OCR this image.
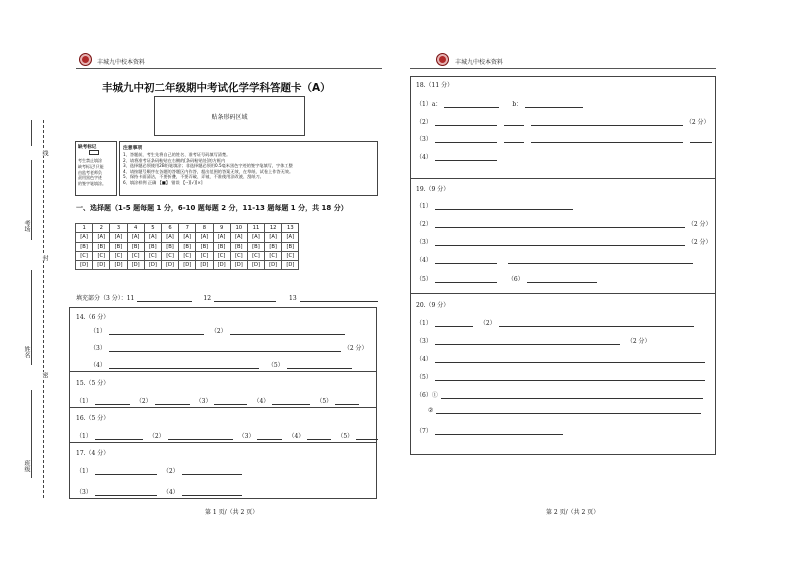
丰城九中校本资料	丰城九中校本资料
考场
线
封
姓名
密
班级
丰城九中初二年级期中考试化学学科答题卡（A）
贴条形码区域
缺考标记
考生禁止填涂
缺考标记!只能
由监考老师负
责用黑色字迹
的签字笔填涂。
注意事项
1、答题前，考生先将自己的姓名、准考证号码填写清楚。
2、请将准考证条码粘贴在右侧的[条码粘贴处]的方框内
3、选择题必须使用2B铅笔填涂；非选择题必须用0.5毫米黑色字迹的签字笔填写，字体工整
4、请按题号顺序在各题的答题区内作答，超出范围的答案无效，在草纸、试卷上作答无效。
5、保持卡面清洁，不要折叠，不要弄破、弄皱，不准使用涂改液、刮纸刀。
6、填涂样例 正确 【■】 错误 【--][√][×]
一、选择题（1-5 题每题 1 分，6-10 题每题 2 分，11-13 题每题 1 分，共 18 分）
1	2	3	4	5	6	7	8	9	10	11	12	13
[A]	[A]	[A]	[A]	[A]	[A]	[A]	[A]	[A]	[A]	[A]	[A]	[A]
[B]	[B]	[B]	[B]	[B]	[B]	[B]	[B]	[B]	[B]	[B]	[B]	[B]
[C]	[C]	[C]	[C]	[C]	[C]	[C]	[C]	[C]	[C]	[C]	[C]	[C]
[D]	[D]	[D]	[D]	[D]	[D]	[D]	[D]	[D]	[D]	[D]	[D]	[D]
填充部分（3 分）：11	12	13
14.（6 分）
（1）	（2）
（3）	（2 分）
（4）	（5）
15.（5 分）
（1）	（2）	（3）	（4）	（5）
16.（5 分）
（1）	（2）	（3）	（4）	（5）
17.（4 分）
（1）	（2）
（3）	（4）
第 1 页/（共 2 页）
18.（11 分）
（1）a：	b：
（2）	（2 分）
（3）
（4）
19.（9 分）
（1）
（2）	（2 分）
（3）	（2 分）
（4）
（5）	（6）
20.（9 分）
（1）	（2）
（3）	（2 分）
（4）
（5）
（6）①
②
（7）
第 2 页/（共 2 页）
